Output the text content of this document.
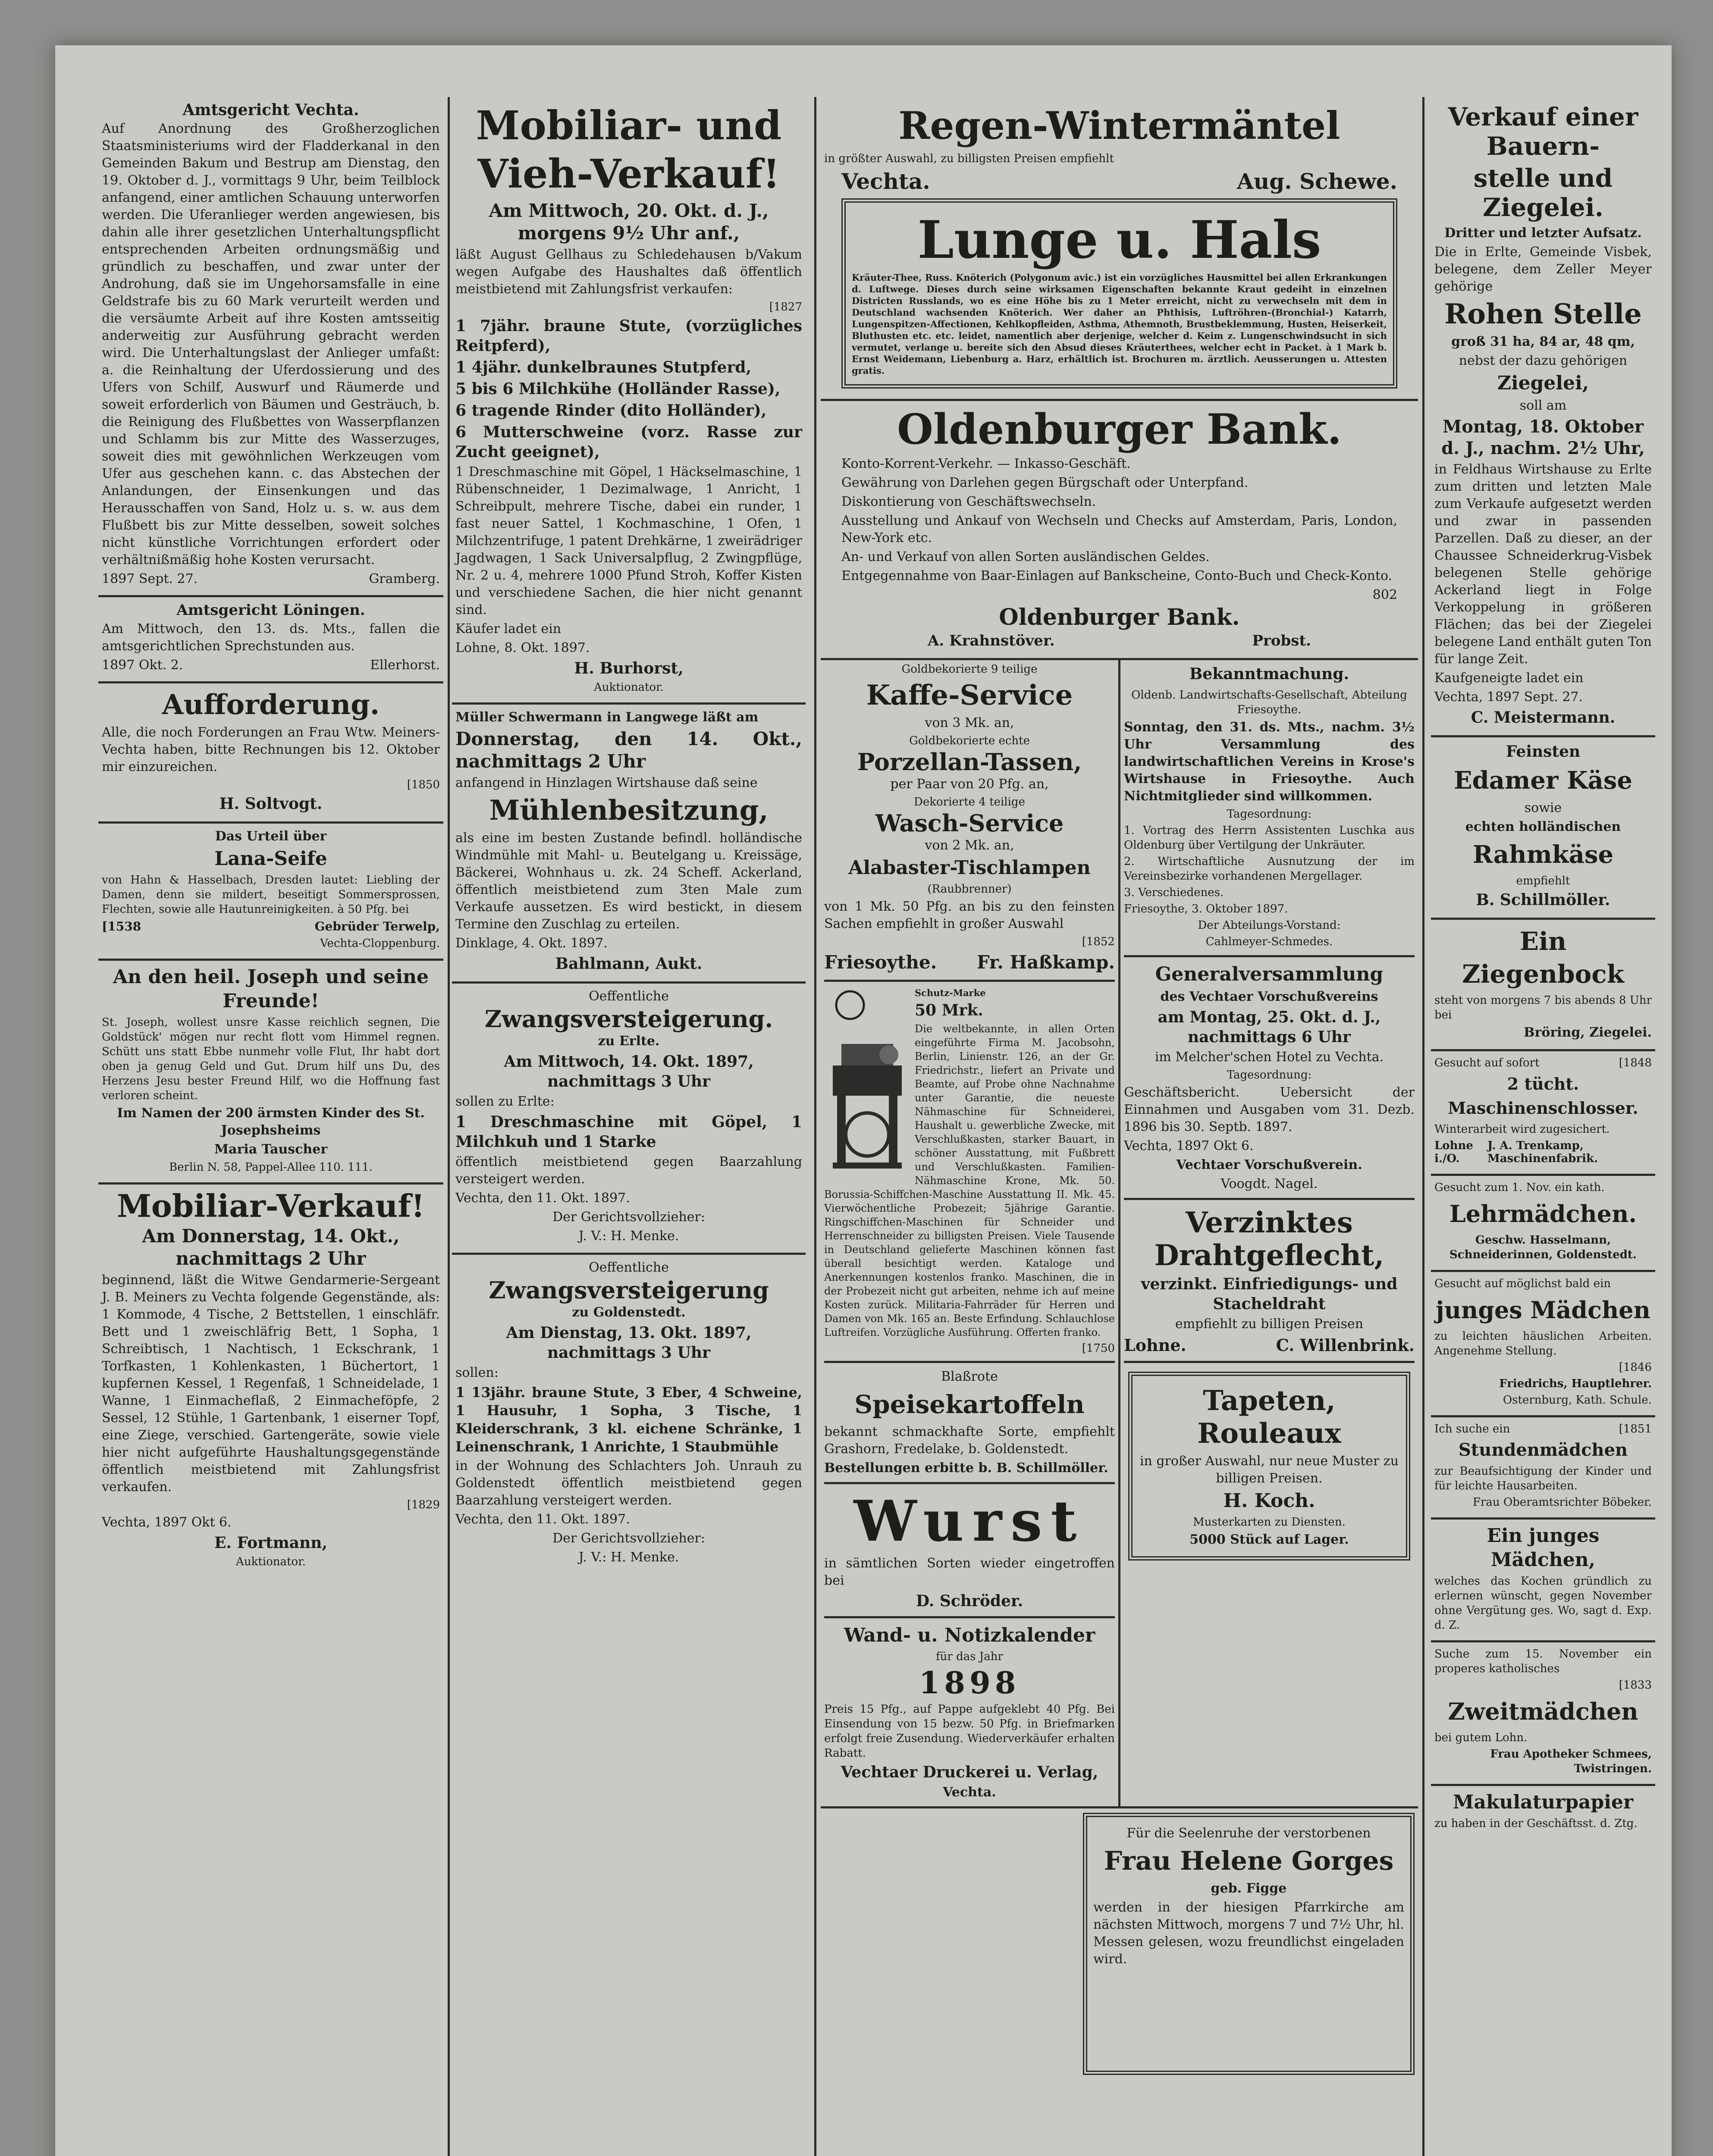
Amtsgericht Vechta.

Auf Anordnung des Großherzoglichen Staatsministeriums wird der Fladderkanal in den Gemeinden Bakum und Bestrup am Dienstag, den 19. Oktober d. J., vormittags 9 Uhr, beim Teilblock anfangend, einer amtlichen Schauung unterworfen werden. Die Uferanlieger werden angewiesen, bis dahin alle ihrer gesetzlichen Unterhaltungspflicht entsprechenden Arbeiten ordnungsmäßig und gründlich zu beschaffen, und zwar unter der Androhung, daß sie im Ungehorsamsfalle in eine Geldstrafe bis zu 60 Mark verurteilt werden und die versäumte Arbeit auf ihre Kosten amtsseitig anderweitig zur Ausführung gebracht werden wird. Die Unterhaltungslast der Anlieger umfaßt: a. die Reinhaltung der Uferdossierung und des Ufers von Schilf, Auswurf und Räumerde und soweit erforderlich von Bäumen und Gesträuch, b. die Reinigung des Flußbettes von Wasserpflanzen und Schlamm bis zur Mitte des Wasserzuges, soweit dies mit gewöhnlichen Werkzeugen vom Ufer aus geschehen kann. c. das Abstechen der Anlandungen, der Einsenkungen und das Herausschaffen von Sand, Holz u. s. w. aus dem Flußbett bis zur Mitte desselben, soweit solches nicht künstliche Vorrichtungen erfordert oder verhältnißmäßig hohe Kosten verursacht.

1897 Sept. 27.	Gramberg.

Amtsgericht Löningen.

Am Mittwoch, den 13. ds. Mts., fallen die amtsgerichtlichen Sprechstunden aus.

1897 Okt. 2.	Ellerhorst.
Aufforderung.

Alle, die noch Forderungen an Frau Wtw. Meiners-Vechta haben, bitte Rechnungen bis 12. Oktober mir einzureichen.

[1850

H. Soltvogt.

Das Urteil über

Lana-Seife

von Hahn & Hasselbach, Dresden lautet: Liebling der Damen, denn sie mildert, beseitigt Sommersprossen, Flechten, sowie alle Hautunreinigkeiten. à 50 Pfg. bei

[1538	Gebrüder Terwelp,

Vechta-Cloppenburg.

An den heil. Joseph und seine Freunde!

St. Joseph, wollest unsre Kasse reichlich segnen, Die Goldstück' mögen nur recht flott vom Himmel regnen. Schütt uns statt Ebbe nunmehr volle Flut, Ihr habt dort oben ja genug Geld und Gut. Drum hilf uns Du, des Herzens Jesu bester Freund Hilf, wo die Hoffnung fast verloren scheint.

Im Namen der 200 ärmsten Kinder des St. Josephsheims

Maria Tauscher

Berlin N. 58, Pappel-Allee 110. 111.

Mobiliar-Verkauf!

Am Donnerstag, 14. Okt., nachmittags 2 Uhr

beginnend, läßt die Witwe Gendarmerie-Sergeant J. B. Meiners zu Vechta folgende Gegenstände, als: 1 Kommode, 4 Tische, 2 Bettstellen, 1 einschläfr. Bett und 1 zweischläfrig Bett, 1 Sopha, 1 Schreibtisch, 1 Nachtisch, 1 Eckschrank, 1 Torfkasten, 1 Kohlenkasten, 1 Büchertort, 1 kupfernen Kessel, 1 Regenfaß, 1 Schneidelade, 1 Wanne, 1 Einmacheflaß, 2 Einmacheföpfe, 2 Sessel, 12 Stühle, 1 Gartenbank, 1 eiserner Topf, eine Ziege, verschied. Gartengeräte, sowie viele hier nicht aufgeführte Haushaltungsgegenstände öffentlich meistbietend mit Zahlungsfrist verkaufen.

[1829

Vechta, 1897 Okt 6.

E. Fortmann,

Auktionator.

Mobiliar- und
Vieh-Verkauf!

Am Mittwoch, 20. Okt. d. J., morgens 9½ Uhr anf.,

läßt August Gellhaus zu Schledehausen b/Vakum wegen Aufgabe des Haushaltes daß öffentlich meistbietend mit Zahlungsfrist verkaufen:

[1827

1 7jähr. braune Stute, (vorzügliches Reitpferd),

1 4jähr. dunkelbraunes Stutpferd,

5 bis 6 Milchkühe (Holländer Rasse),

6 tragende Rinder (dito Holländer),

6 Mutterschweine (vorz. Rasse zur Zucht geeignet),

1 Dreschmaschine mit Göpel, 1 Häckselmaschine, 1 Rübenschneider, 1 Dezimalwage, 1 Anricht, 1 Schreibpult, mehrere Tische, dabei ein runder, 1 fast neuer Sattel, 1 Kochmaschine, 1 Ofen, 1 Milchzentrifuge, 1 patent Drehkärne, 1 zweirädriger Jagdwagen, 1 Sack Universalpflug, 2 Zwingpflüge, Nr. 2 u. 4, mehrere 1000 Pfund Stroh, Koffer Kisten und verschiedene Sachen, die hier nicht genannt sind.

Käufer ladet ein

Lohne, 8. Okt. 1897.

H. Burhorst,

Auktionator.

Müller Schwermann in Langwege läßt am

Donnerstag, den 14. Okt., nachmittags 2 Uhr

anfangend in Hinzlagen Wirtshause daß seine

Mühlenbesitzung,

als eine im besten Zustande befindl. holländische Windmühle mit Mahl- u. Beutelgang u. Kreissäge, Bäckerei, Wohnhaus u. zk. 24 Scheff. Ackerland, öffentlich meistbietend zum 3ten Male zum Verkaufe aussetzen. Es wird bestickt, in diesem Termine den Zuschlag zu erteilen.

Dinklage, 4. Okt. 1897.

Bahlmann, Aukt.

Oeffentliche

Zwangsversteigerung.

zu Erlte.

Am Mittwoch, 14. Okt. 1897, nachmittags 3 Uhr

sollen zu Erlte:

1 Dreschmaschine mit Göpel, 1 Milchkuh und 1 Starke

öffentlich meistbietend gegen Baarzahlung versteigert werden.

Vechta, den 11. Okt. 1897.

Der Gerichtsvollzieher:

J. V.: H. Menke.

Oeffentliche

Zwangsversteigerung

zu Goldenstedt.

Am Dienstag, 13. Okt. 1897, nachmittags 3 Uhr

sollen:

1 13jähr. braune Stute, 3 Eber, 4 Schweine, 1 Hausuhr, 1 Sopha, 3 Tische, 1 Kleiderschrank, 3 kl. eichene Schränke, 1 Leinenschrank, 1 Anrichte, 1 Staubmühle

in der Wohnung des Schlachters Joh. Unrauh zu Goldenstedt öffentlich meistbietend gegen Baarzahlung versteigert werden.

Vechta, den 11. Okt. 1897.

Der Gerichtsvollzieher:

J. V.: H. Menke.

Regen-Wintermäntel

in größter Auswahl, zu billigsten Preisen empfiehlt

Vechta.	Aug. Schewe.
Lunge u. Hals

Kräuter-Thee, Russ. Knöterich (Polygonum avic.) ist ein vorzügliches Hausmittel bei allen Erkrankungen d. Luftwege. Dieses durch seine wirksamen Eigenschaften bekannte Kraut gedeiht in einzelnen Districten Russlands, wo es eine Höhe bis zu 1 Meter erreicht, nicht zu verwechseln mit dem in Deutschland wachsenden Knöterich. Wer daher an Phthisis, Luftröhren-(Bronchial-) Katarrh, Lungenspitzen-Affectionen, Kehlkopfleiden, Asthma, Athemnoth, Brustbeklemmung, Husten, Heiserkeit, Bluthusten etc. etc. leidet, namentlich aber derjenige, welcher d. Keim z. Lungenschwindsucht in sich vermutet, verlange u. bereite sich den Absud dieses Kräuterthees, welcher echt in Packet. à 1 Mark b. Ernst Weidemann, Liebenburg a. Harz, erhältlich ist. Brochuren m. ärztlich. Aeusserungen u. Attesten gratis.

Oldenburger Bank.

Konto-Korrent-Verkehr. — Inkasso-Geschäft.

Gewährung von Darlehen gegen Bürgschaft oder Unterpfand.

Diskontierung von Geschäftswechseln.

Ausstellung und Ankauf von Wechseln und Checks auf Amsterdam, Paris, London, New-York etc.

An- und Verkauf von allen Sorten ausländischen Geldes.

Entgegennahme von Baar-Einlagen auf Bankscheine, Conto-Buch und Check-Konto.

802

Oldenburger Bank.
A. Krahnstöver.	Probst.

Goldbekorierte 9 teilige

Kaffe-Service

von 3 Mk. an,

Goldbekorierte echte

Porzellan-Tassen,

per Paar von 20 Pfg. an,

Dekorierte 4 teilige

Wasch-Service

von 2 Mk. an,

Alabaster-Tischlampen

(Raubbrenner)

von 1 Mk. 50 Pfg. an bis zu den feinsten Sachen empfiehlt in großer Auswahl

[1852

Friesoythe. Fr. Haßkamp.

Schutz-Marke

50 Mrk.

Die weltbekannte, in allen Orten eingeführte Firma M. Jacobsohn, Berlin, Linienstr. 126, an der Gr. Friedrichstr., liefert an Private und Beamte, auf Probe ohne Nachnahme unter Garantie, die neueste Nähmaschine für Schneiderei, Haushalt u. gewerbliche Zwecke, mit Verschlußkasten, starker Bauart, in schöner Ausstattung, mit Fußbrett und Verschlußkasten. Familien-Nähmaschine Krone, Mk. 50. Borussia-Schiffchen-Maschine Ausstattung II. Mk. 45. Vierwöchentliche Probezeit; 5jährige Garantie. Ringschiffchen-Maschinen für Schneider und Herrenschneider zu billigsten Preisen. Viele Tausende in Deutschland gelieferte Maschinen können fast überall besichtigt werden. Kataloge und Anerkennungen kostenlos franko. Maschinen, die in der Probezeit nicht gut arbeiten, nehme ich auf meine Kosten zurück. Militaria-Fahrräder für Herren und Damen von Mk. 165 an. Beste Erfindung. Schlauchlose Luftreifen. Vorzügliche Ausführung. Offerten franko.

[1750

Blaßrote

Speisekartoffeln

bekannt schmackhafte Sorte, empfiehlt Grashorn, Fredelake, b. Goldenstedt.

Bestellungen erbitte b. B. Schillmöller.

Wurst

in sämtlichen Sorten wieder eingetroffen bei

D. Schröder.

Wand- u. Notizkalender

für das Jahr

1898

Preis 15 Pfg., auf Pappe aufgeklebt 40 Pfg. Bei Einsendung von 15 bezw. 50 Pfg. in Briefmarken erfolgt freie Zusendung. Wiederverkäufer erhalten Rabatt.

Vechtaer Druckerei u. Verlag,

Vechta.

Bekanntmachung.

Oldenb. Landwirtschafts-Gesellschaft, Abteilung Friesoythe.

Sonntag, den 31. ds. Mts., nachm. 3½ Uhr Versammlung des landwirtschaftlichen Vereins in Krose's Wirtshause in Friesoythe. Auch Nichtmitglieder sind willkommen.

Tagesordnung:

1. Vortrag des Herrn Assistenten Luschka aus Oldenburg über Vertilgung der Unkräuter.

2. Wirtschaftliche Ausnutzung der im Vereinsbezirke vorhandenen Mergellager.

3. Verschiedenes.

Friesoythe, 3. Oktober 1897.

Der Abteilungs-Vorstand:

Cahlmeyer-Schmedes.

Generalversammlung

des Vechtaer Vorschußvereins

am Montag, 25. Okt. d. J., nachmittags 6 Uhr

im Melcher'schen Hotel zu Vechta.

Tagesordnung:

Geschäftsbericht. Uebersicht der Einnahmen und Ausgaben vom 31. Dezb. 1896 bis 30. Septb. 1897.

Vechta, 1897 Okt 6.

Vechtaer Vorschußverein.

Voogdt. Nagel.

Verzinktes Drahtgeflecht,

verzinkt. Einfriedigungs- und Stacheldraht

empfiehlt zu billigen Preisen

Lohne.	C. Willenbrink.
Tapeten, Rouleaux

in großer Auswahl, nur neue Muster zu billigen Preisen.

H. Koch.

Musterkarten zu Diensten.

5000 Stück auf Lager.

Für die Seelenruhe der verstorbenen

Frau Helene Gorges

geb. Figge

werden in der hiesigen Pfarrkirche am nächsten Mittwoch, morgens 7 und 7½ Uhr, hl. Messen gelesen, wozu freundlichst eingeladen wird.

Verkauf einer Bauern-
stelle und Ziegelei.

Dritter und letzter Aufsatz.

Die in Erlte, Gemeinde Visbek, belegene, dem Zeller Meyer gehörige

Rohen Stelle

groß 31 ha, 84 ar, 48 qm,

nebst der dazu gehörigen

Ziegelei,

soll am

Montag, 18. Oktober d. J., nachm. 2½ Uhr,

in Feldhaus Wirtshause zu Erlte zum dritten und letzten Male zum Verkaufe aufgesetzt werden und zwar in passenden Parzellen. Daß zu dieser, an der Chaussee Schneiderkrug-Visbek belegenen Stelle gehörige Ackerland liegt in Folge Verkoppelung in größeren Flächen; das bei der Ziegelei belegene Land enthält guten Ton für lange Zeit.

Kaufgeneigte ladet ein

Vechta, 1897 Sept. 27.

C. Meistermann.

Feinsten

Edamer Käse

sowie

echten holländischen

Rahmkäse

empfiehlt

B. Schillmöller.

Ein Ziegenbock

steht von morgens 7 bis abends 8 Uhr bei

Bröring, Ziegelei.

Gesucht auf sofort	[1848
2 tücht. Maschinenschlosser.

Winterarbeit wird zugesichert.

Lohne i./O.
J. A. Trenkamp, Maschinenfabrik.

Gesucht zum 1. Nov. ein kath.

Lehrmädchen.

Geschw. Hasselmann, Schneiderinnen, Goldenstedt.

Gesucht auf möglichst bald ein

junges Mädchen

zu leichten häuslichen Arbeiten. Angenehme Stellung.

[1846

Friedrichs, Hauptlehrer.

Osternburg, Kath. Schule.

Ich suche ein	[1851
Stundenmädchen

zur Beaufsichtigung der Kinder und für leichte Hausarbeiten.

Frau Oberamtsrichter Böbeker.

Ein junges Mädchen,

welches das Kochen gründlich zu erlernen wünscht, gegen November ohne Vergütung ges. Wo, sagt d. Exp. d. Z.

Suche zum 15. November ein properes katholisches

[1833

Zweitmädchen

bei gutem Lohn.

Frau Apotheker Schmees, Twistringen.

Makulaturpapier

zu haben in der Geschäftsst. d. Ztg.
